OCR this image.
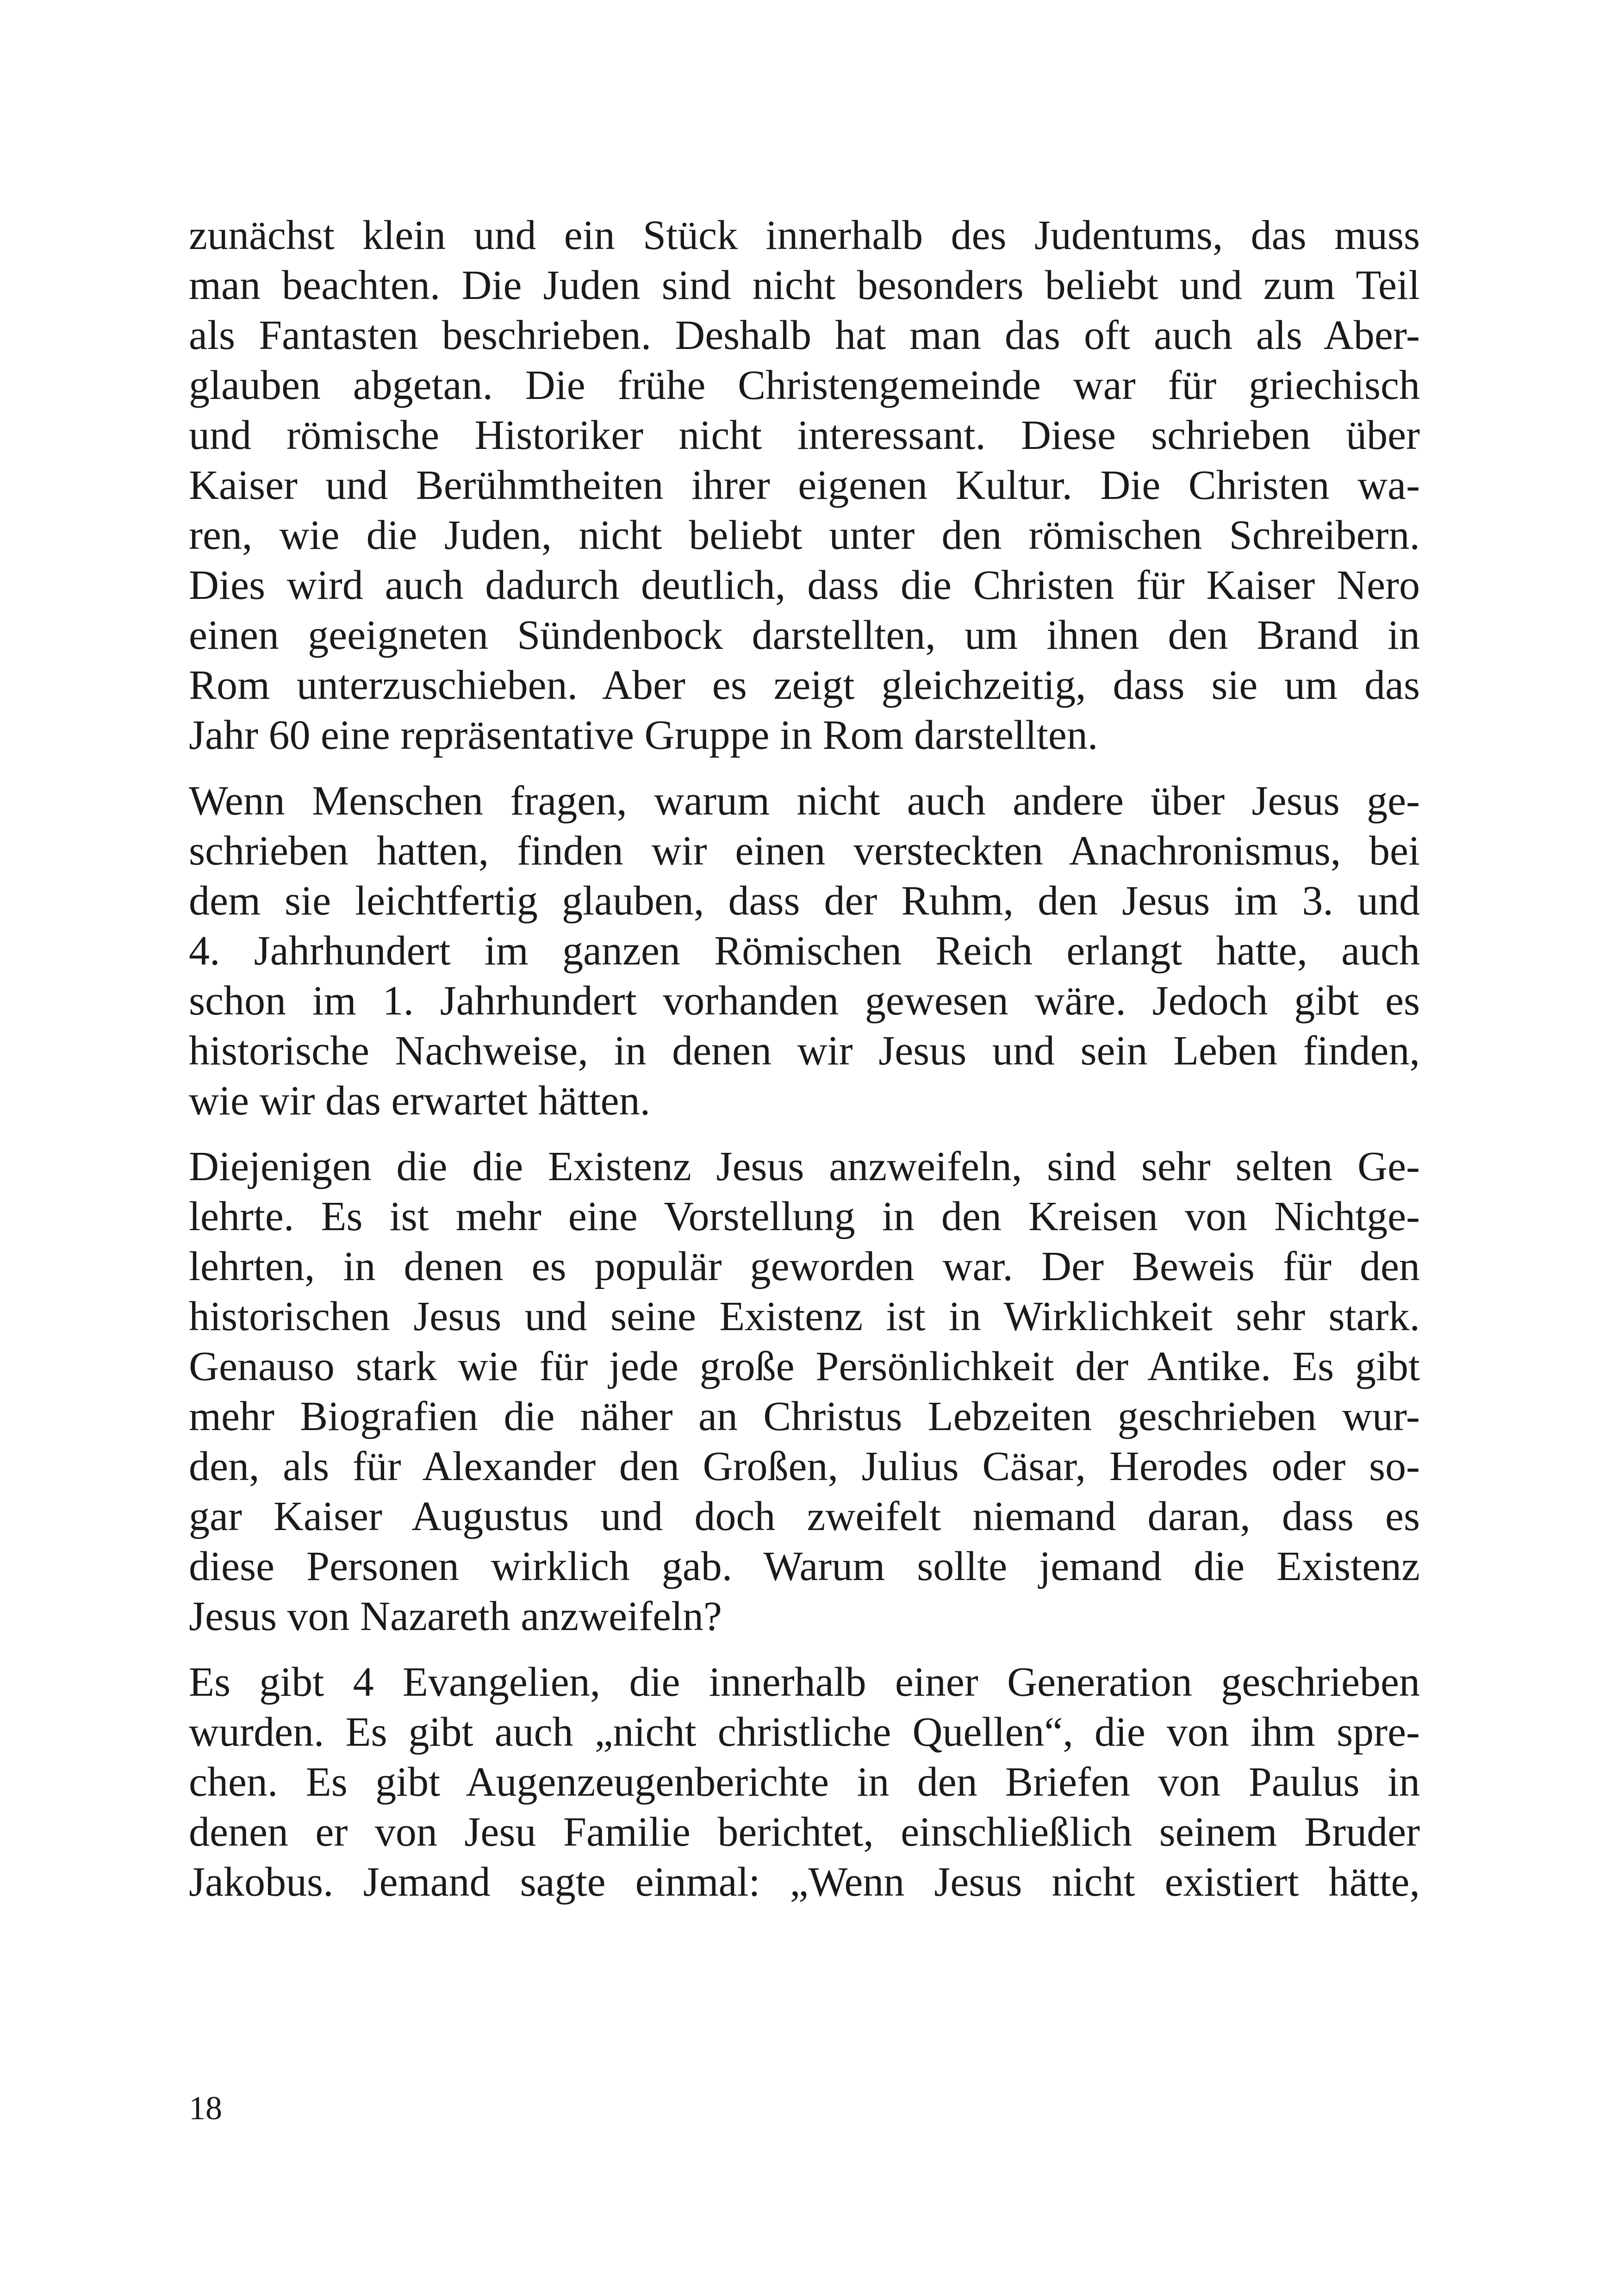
zunächst klein und ein Stück innerhalb des Judentums, das muss
man beachten. Die Juden sind nicht besonders beliebt und zum Teil
als Fantasten beschrieben. Deshalb hat man das oft auch als Aber-
glauben abgetan. Die frühe Christengemeinde war für griechisch
und römische Historiker nicht interessant. Diese schrieben über
Kaiser und Berühmtheiten ihrer eigenen Kultur. Die Christen wa-
ren, wie die Juden, nicht beliebt unter den römischen Schreibern.
Dies wird auch dadurch deutlich, dass die Christen für Kaiser Nero
einen geeigneten Sündenbock darstellten, um ihnen den Brand in
Rom unterzuschieben. Aber es zeigt gleichzeitig, dass sie um das
Jahr 60 eine repräsentative Gruppe in Rom darstellten.
Wenn Menschen fragen, warum nicht auch andere über Jesus ge-
schrieben hatten, finden wir einen versteckten Anachronismus, bei
dem sie leichtfertig glauben, dass der Ruhm, den Jesus im 3. und
4. Jahrhundert im ganzen Römischen Reich erlangt hatte, auch
schon im 1. Jahrhundert vorhanden gewesen wäre. Jedoch gibt es
historische Nachweise, in denen wir Jesus und sein Leben finden,
wie wir das erwartet hätten.
Diejenigen die die Existenz Jesus anzweifeln, sind sehr selten Ge-
lehrte. Es ist mehr eine Vorstellung in den Kreisen von Nichtge-
lehrten, in denen es populär geworden war. Der Beweis für den
historischen Jesus und seine Existenz ist in Wirklichkeit sehr stark.
Genauso stark wie für jede große Persönlichkeit der Antike. Es gibt
mehr Biografien die näher an Christus Lebzeiten geschrieben wur-
den, als für Alexander den Großen, Julius Cäsar, Herodes oder so-
gar Kaiser Augustus und doch zweifelt niemand daran, dass es
diese Personen wirklich gab. Warum sollte jemand die Existenz
Jesus von Nazareth anzweifeln?
Es gibt 4 Evangelien, die innerhalb einer Generation geschrieben
wurden. Es gibt auch „nicht christliche Quellen“, die von ihm spre-
chen. Es gibt Augenzeugenberichte in den Briefen von Paulus in
denen er von Jesu Familie berichtet, einschließlich seinem Bruder
Jakobus. Jemand sagte einmal: „Wenn Jesus nicht existiert hätte,
18
